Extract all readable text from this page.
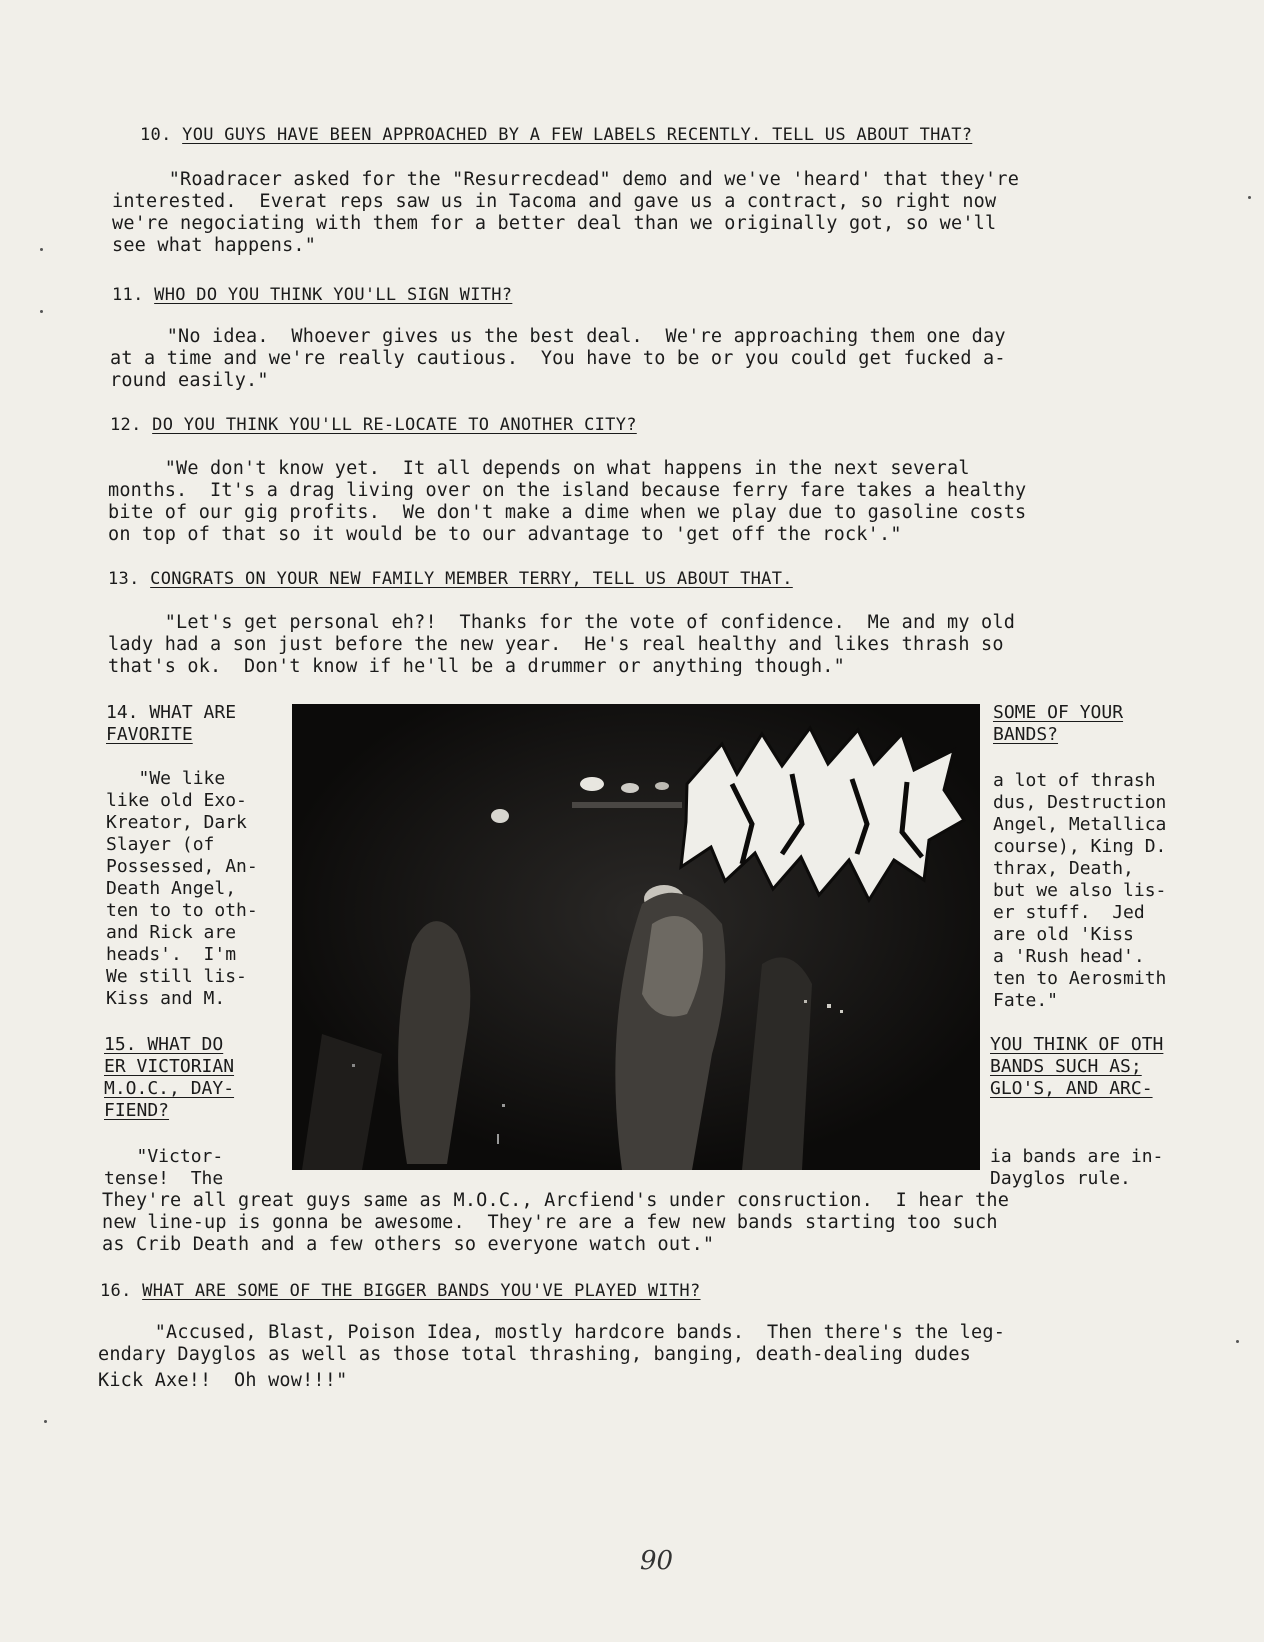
10. YOU GUYS HAVE BEEN APPROACHED BY A FEW LABELS RECENTLY. TELL US ABOUT THAT?
"Roadracer asked for the "Resurrecdead" demo and we've 'heard' that they're
interested.  Everat reps saw us in Tacoma and gave us a contract, so right now
we're negociating with them for a better deal than we originally got, so we'll
see what happens."
11. WHO DO YOU THINK YOU'LL SIGN WITH?
"No idea.  Whoever gives us the best deal.  We're approaching them one day
at a time and we're really cautious.  You have to be or you could get fucked a-
round easily."
12. DO YOU THINK YOU'LL RE-LOCATE TO ANOTHER CITY?
"We don't know yet.  It all depends on what happens in the next several
months.  It's a drag living over on the island because ferry fare takes a healthy
bite of our gig profits.  We don't make a dime when we play due to gasoline costs
on top of that so it would be to our advantage to 'get off the rock'."
13. CONGRATS ON YOUR NEW FAMILY MEMBER TERRY, TELL US ABOUT THAT.
"Let's get personal eh?!  Thanks for the vote of confidence.  Me and my old
lady had a son just before the new year.  He's real healthy and likes thrash so
that's ok.  Don't know if he'll be a drummer or anything though."
14. WHAT ARE
FAVORITE
"We like
like old Exo-
Kreator, Dark
Slayer (of
Possessed, An-
Death Angel,
ten to to oth-
and Rick are
heads'.  I'm
We still lis-
Kiss and M.
15. WHAT DO
ER VICTORIAN
M.O.C., DAY-
FIEND?
"Victor-
tense!  The
SOME OF YOUR
BANDS?
a lot of thrash
dus, Destruction
Angel, Metallica
course), King D.
thrax, Death,
but we also lis-
er stuff.  Jed
are old 'Kiss
a 'Rush head'.
ten to Aerosmith
Fate."
YOU THINK OF OTH
BANDS SUCH AS;
GLO'S, AND ARC-
ia bands are in-
Dayglos rule.
They're all great guys same as M.O.C., Arcfiend's under consruction.  I hear the
new line-up is gonna be awesome.  They're are a few new bands starting too such
as Crib Death and a few others so everyone watch out."
16. WHAT ARE SOME OF THE BIGGER BANDS YOU'VE PLAYED WITH?
"Accused, Blast, Poison Idea, mostly hardcore bands.  Then there's the leg-
endary Dayglos as well as those total thrashing, banging, death-dealing dudes
Kick Axe!!  Oh wow!!!"
90
